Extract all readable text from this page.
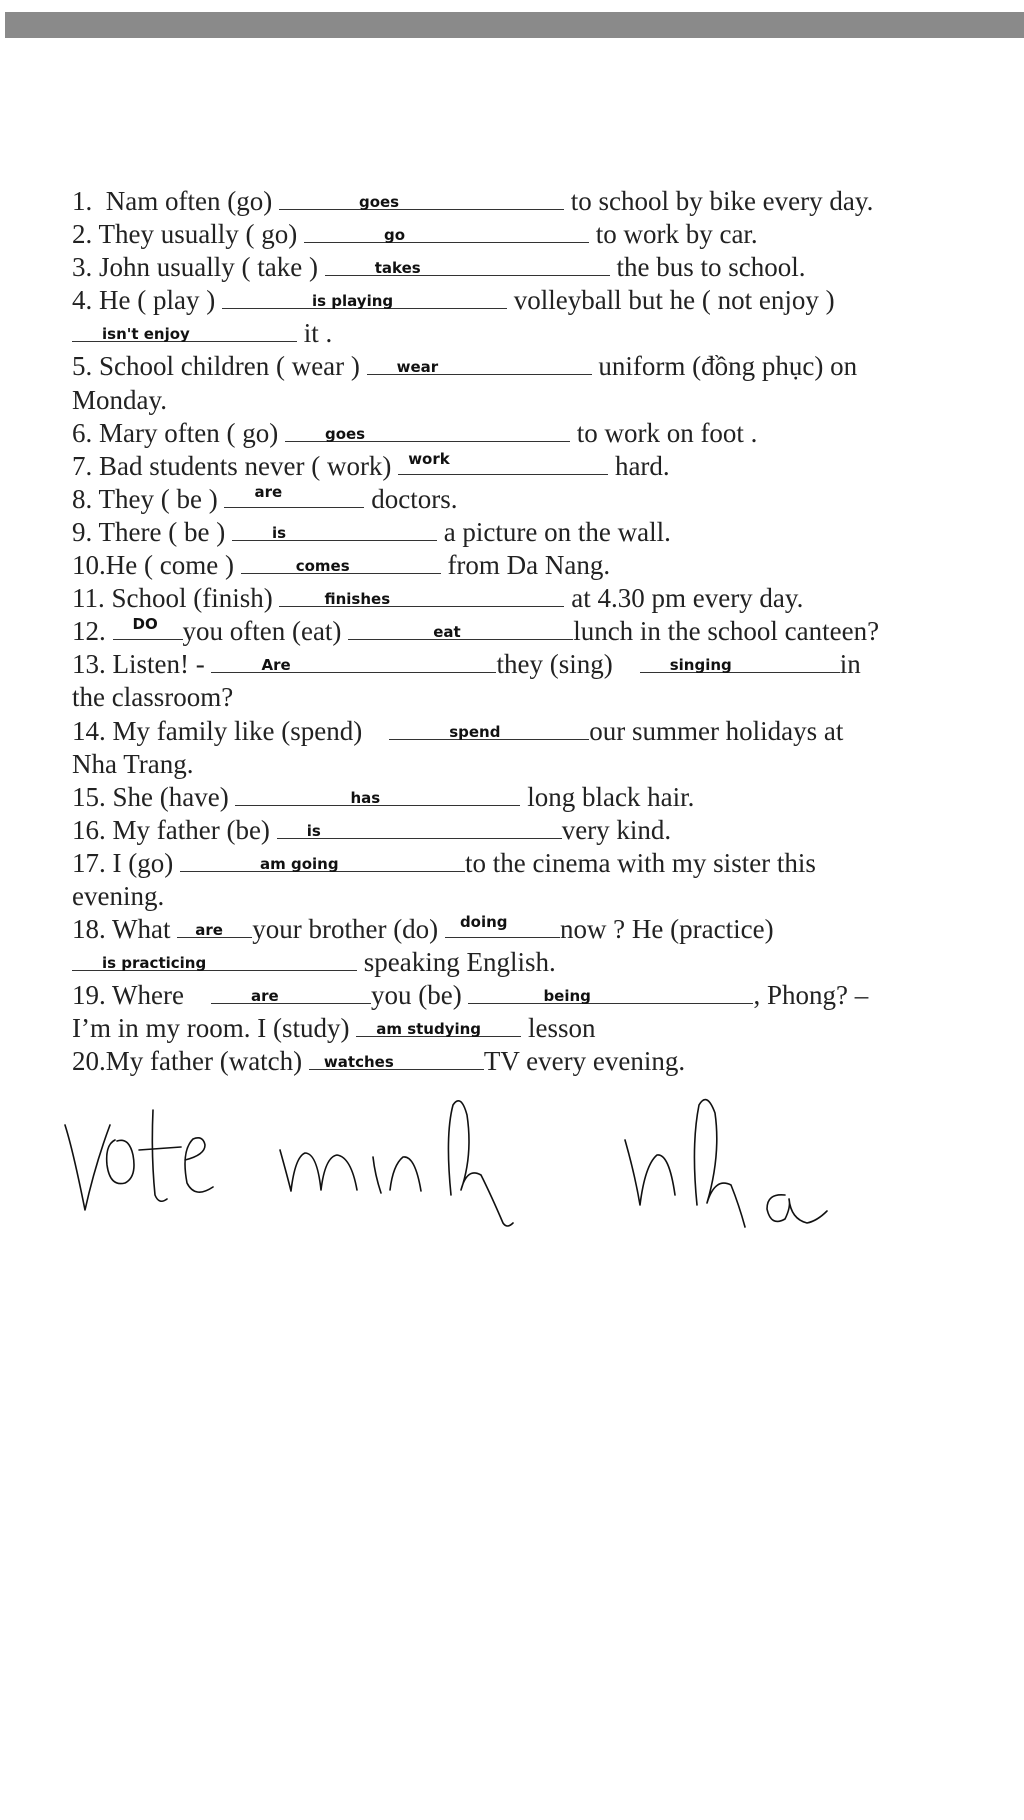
1.  Nam often (go)	goes	to school by bike every day.
2. They usually ( go)	go	to work by car.
3. John usually ( take )	takes	the bus to school.
4. He ( play )	is playing	volleyball but he ( not enjoy )
isn't enjoy	it .
5. School children ( wear )	wear	uniform (đồng phục) on
Monday.
6. Mary often ( go)	goes	to work on foot .
7. Bad students never ( work) work	hard.
8. They ( be )	are	doctors.
9. There ( be )	is	a picture on the wall.
10.He ( come )	comes	from Da Nang.
11. School (finish)	finishes	at 4.30 pm every day.
12.	DO you often (eat)	eat	lunch in the school canteen?
13. Listen! -	Are	they (sing)	singing	in
the classroom?
14. My family like (spend)	spend	our summer holidays at
Nha Trang.
15. She (have)	has	long black hair.
16. My father (be)	is	very kind.
17. I (go)	am going	to the cinema with my sister this
evening.
18. What	are	your brother (do)	doing	now ? He (practice)
is practicing	speaking English.
19. Where	are	you (be)	being	, Phong? –
I’m in my room. I (study)	am studying	lesson
20.My father (watch)	watches	TV every evening.
